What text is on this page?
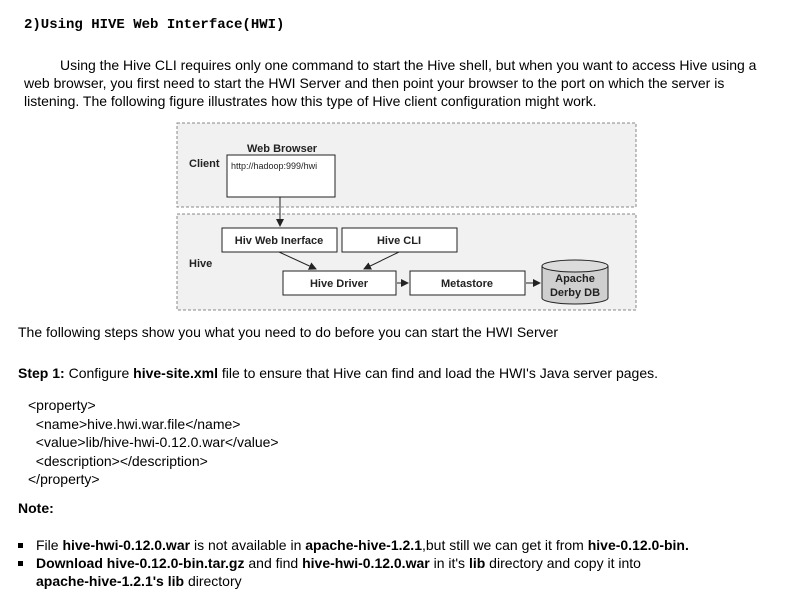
2)Using HIVE Web Interface(HWI)

Using the Hive CLI requires only one command to start the Hive shell, but when you want to access Hive using a web browser, you first need to start the HWI Server and then point your browser to the port on which the server is listening. The following figure illustrates how this type of Hive client configuration might work.

Client
Web Browser
http://hadoop:999/hwi
Hive
Hiv Web Inerface	Hive CLI
Hive Driver	Metastore	Apache
Derby DB
The following steps show you what you need to do before you can start the HWI Server
Step 1: Configure hive-site.xml file to ensure that Hive can find and load the HWI's Java server pages.
<property>
<name>hive.hwi.war.file</name>
<value>lib/hive-hwi-0.12.0.war</value>
<description></description>
</property>
Note:
File hive-hwi-0.12.0.war is not available in apache-hive-1.2.1,but still we can get it from hive-0.12.0-bin.
Download hive-0.12.0-bin.tar.gz and find hive-hwi-0.12.0.war in it's lib directory and copy it into
apache-hive-1.2.1's lib directory
